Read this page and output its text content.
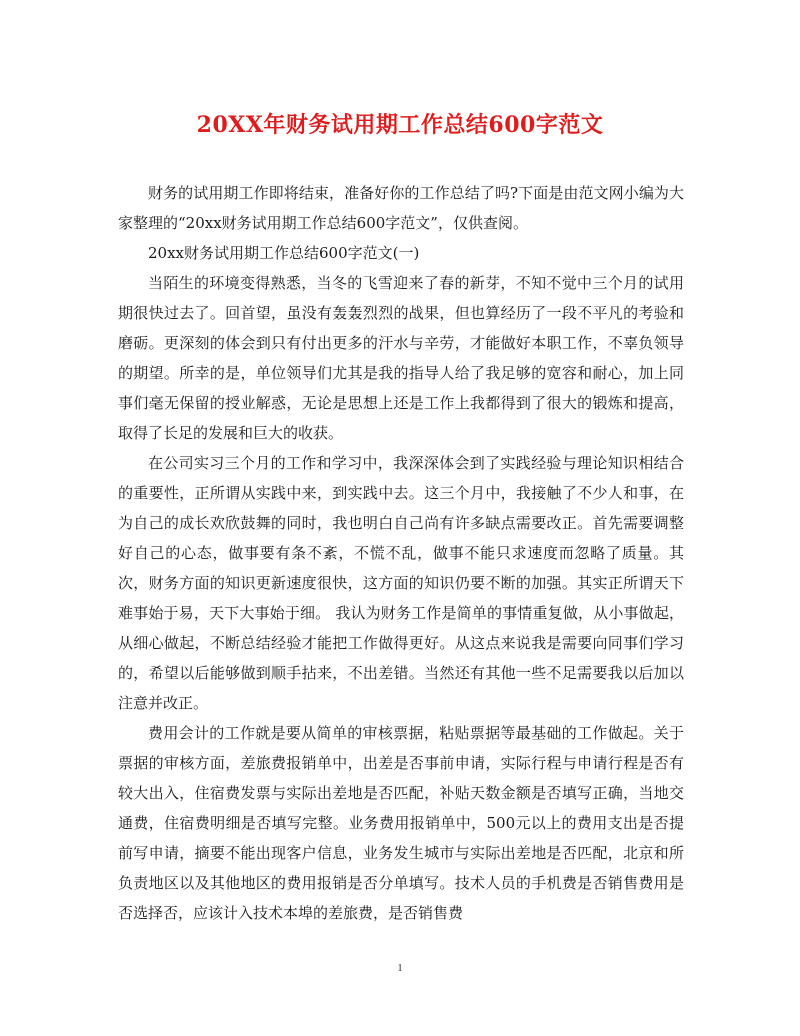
20XX年财务试用期工作总结600字范文

财务的试用期工作即将结束，准备好你的工作总结了吗?下面是由范文网小编为大家整理的“20xx财务试用期工作总结600字范文”，仅供查阅。

20xx财务试用期工作总结600字范文(一)

当陌生的环境变得熟悉，当冬的飞雪迎来了春的新芽，不知不觉中三个月的试用期很快过去了。回首望，虽没有轰轰烈烈的战果，但也算经历了一段不平凡的考验和磨砺。更深刻的体会到只有付出更多的汗水与辛劳，才能做好本职工作，不辜负领导的期望。所幸的是，单位领导们尤其是我的指导人给了我足够的宽容和耐心，加上同事们毫无保留的授业解惑，无论是思想上还是工作上我都得到了很大的锻炼和提高，取得了长足的发展和巨大的收获。

在公司实习三个月的工作和学习中，我深深体会到了实践经验与理论知识相结合的重要性，正所谓从实践中来，到实践中去。这三个月中，我接触了不少人和事，在为自己的成长欢欣鼓舞的同时，我也明白自己尚有许多缺点需要改正。首先需要调整好自己的心态，做事要有条不紊，不慌不乱，做事不能只求速度而忽略了质量。其次，财务方面的知识更新速度很快，这方面的知识仍要不断的加强。其实正所谓天下难事始于易，天下大事始于细。 我认为财务工作是简单的事情重复做，从小事做起，从细心做起，不断总结经验才能把工作做得更好。从这点来说我是需要向同事们学习的，希望以后能够做到顺手拈来，不出差错。当然还有其他一些不足需要我以后加以注意并改正。

费用会计的工作就是要从简单的审核票据，粘贴票据等最基础的工作做起。关于票据的审核方面，差旅费报销单中，出差是否事前申请，实际行程与申请行程是否有较大出入，住宿费发票与实际出差地是否匹配，补贴天数金额是否填写正确，当地交通费，住宿费明细是否填写完整。业务费用报销单中，500元以上的费用支出是否提前写申请，摘要不能出现客户信息，业务发生城市与实际出差地是否匹配，北京和所负责地区以及其他地区的费用报销是否分单填写。技术人员的手机费是否销售费用是否选择否，应该计入技术本埠的差旅费，是否销售费

1
